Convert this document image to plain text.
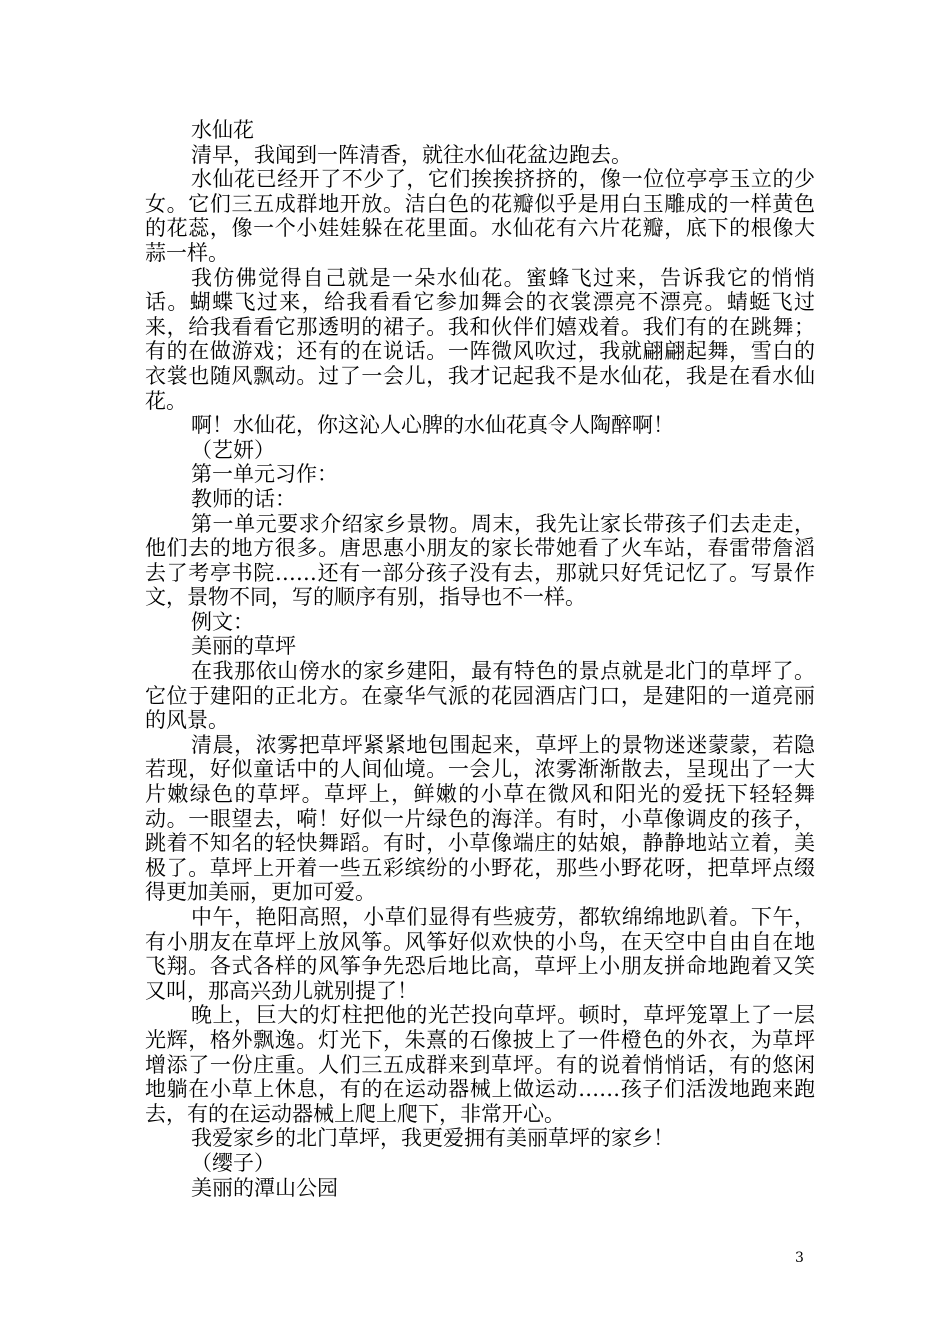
水仙花

清早，我闻到一阵清香，就往水仙花盆边跑去。

水仙花已经开了不少了，它们挨挨挤挤的，像一位位亭亭玉立的少女。它们三五成群地开放。洁白色的花瓣似乎是用白玉雕成的一样黄色的花蕊，像一个小娃娃躲在花里面。水仙花有六片花瓣，底下的根像大蒜一样。

我仿佛觉得自己就是一朵水仙花。蜜蜂飞过来，告诉我它的悄悄话。蝴蝶飞过来，给我看看它参加舞会的衣裳漂亮不漂亮。蜻蜓飞过来，给我看看它那透明的裙子。我和伙伴们嬉戏着。我们有的在跳舞；有的在做游戏；还有的在说话。一阵微风吹过，我就翩翩起舞，雪白的衣裳也随风飘动。过了一会儿，我才记起我不是水仙花，我是在看水仙花。

啊！水仙花，你这沁人心脾的水仙花真令人陶醉啊！

（艺妍）

第一单元习作：

教师的话：

第一单元要求介绍家乡景物。周末，我先让家长带孩子们去走走，他们去的地方很多。唐思惠小朋友的家长带她看了火车站，春雷带詹滔去了考亭书院……还有一部分孩子没有去，那就只好凭记忆了。写景作文，景物不同，写的顺序有别，指导也不一样。

例文：

美丽的草坪

在我那依山傍水的家乡建阳，最有特色的景点就是北门的草坪了。它位于建阳的正北方。在豪华气派的花园酒店门口，是建阳的一道亮丽的风景。

清晨，浓雾把草坪紧紧地包围起来，草坪上的景物迷迷蒙蒙，若隐若现，好似童话中的人间仙境。一会儿，浓雾渐渐散去，呈现出了一大片嫩绿色的草坪。草坪上，鲜嫩的小草在微风和阳光的爱抚下轻轻舞动。一眼望去，嗬！好似一片绿色的海洋。有时，小草像调皮的孩子，跳着不知名的轻快舞蹈。有时，小草像端庄的姑娘，静静地站立着，美极了。草坪上开着一些五彩缤纷的小野花，那些小野花呀，把草坪点缀得更加美丽，更加可爱。

中午，艳阳高照，小草们显得有些疲劳，都软绵绵地趴着。下午，有小朋友在草坪上放风筝。风筝好似欢快的小鸟，在天空中自由自在地飞翔。各式各样的风筝争先恐后地比高，草坪上小朋友拼命地跑着又笑又叫，那高兴劲儿就别提了！

晚上，巨大的灯柱把他的光芒投向草坪。顿时，草坪笼罩上了一层光辉，格外飘逸。灯光下，朱熹的石像披上了一件橙色的外衣，为草坪增添了一份庄重。人们三五成群来到草坪。有的说着悄悄话，有的悠闲地躺在小草上休息，有的在运动器械上做运动……孩子们活泼地跑来跑去，有的在运动器械上爬上爬下，非常开心。

我爱家乡的北门草坪，我更爱拥有美丽草坪的家乡！

（缨子）

美丽的潭山公园

3
